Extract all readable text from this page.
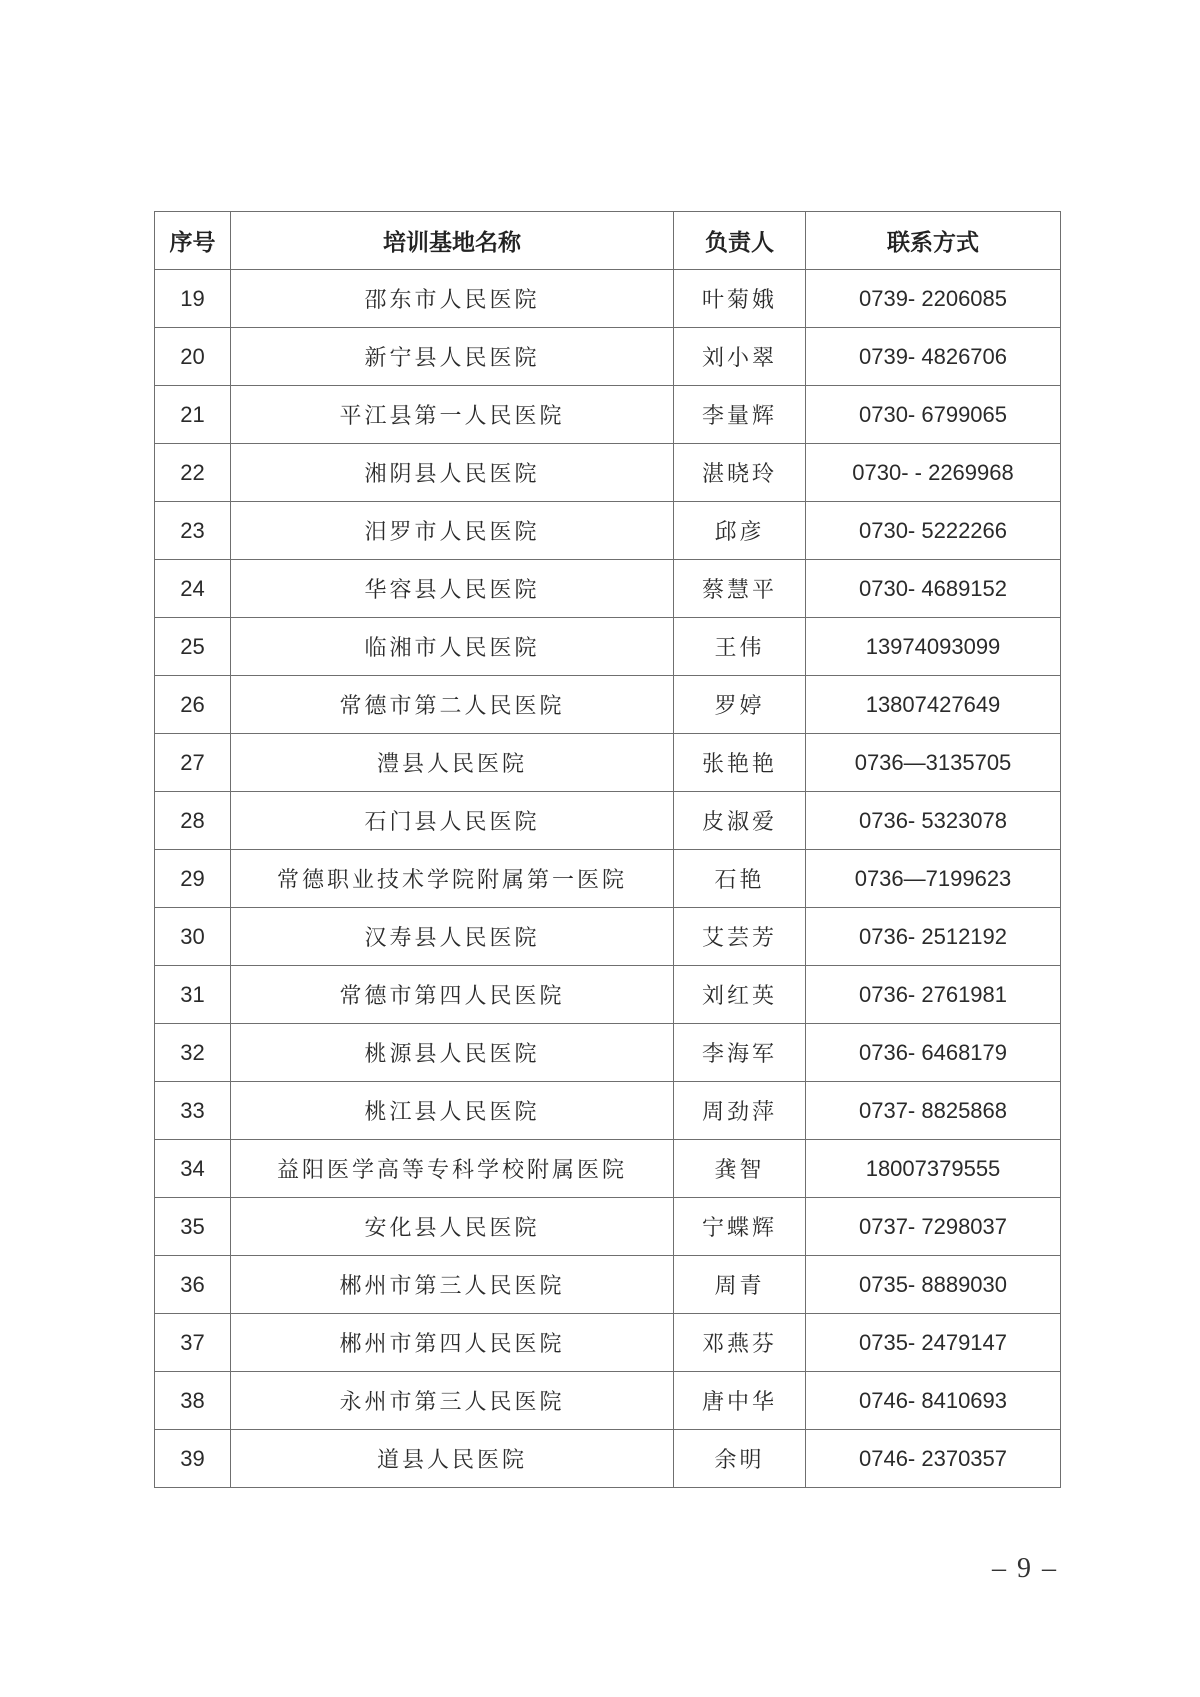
序号	培训基地名称	负责人	联系方式
19	邵东市人民医院	叶菊娥	0739- 2206085
20	新宁县人民医院	刘小翠	0739- 4826706
21	平江县第一人民医院	李量辉	0730- 6799065
22	湘阴县人民医院	湛晓玲	0730- - 2269968
23	汨罗市人民医院	邱彦	0730- 5222266
24	华容县人民医院	蔡慧平	0730- 4689152
25	临湘市人民医院	王伟	13974093099
26	常德市第二人民医院	罗婷	13807427649
27	澧县人民医院	张艳艳	0736—3135705
28	石门县人民医院	皮淑爱	0736- 5323078
29	常德职业技术学院附属第一医院	石艳	0736—7199623
30	汉寿县人民医院	艾芸芳	0736- 2512192
31	常德市第四人民医院	刘红英	0736- 2761981
32	桃源县人民医院	李海军	0736- 6468179
33	桃江县人民医院	周劲萍	0737- 8825868
34	益阳医学高等专科学校附属医院	龚智	18007379555
35	安化县人民医院	宁蝶辉	0737- 7298037
36	郴州市第三人民医院	周青	0735- 8889030
37	郴州市第四人民医院	邓燕芬	0735- 2479147
38	永州市第三人民医院	唐中华	0746- 8410693
39	道县人民医院	余明	0746- 2370357
– 9 –
